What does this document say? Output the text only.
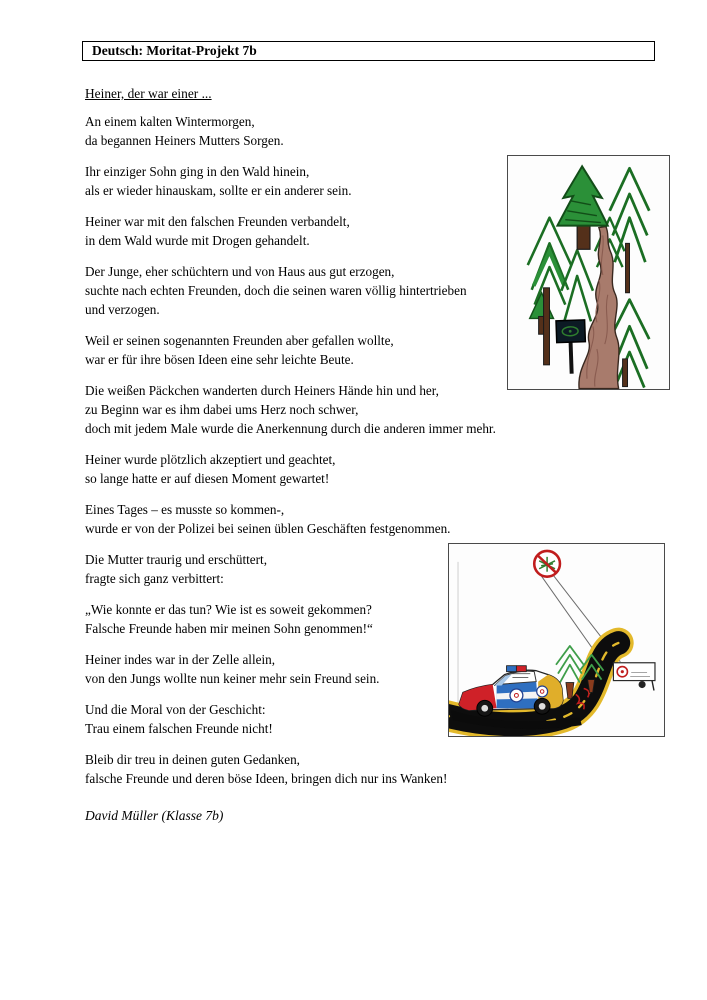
Deutsch: Moritat-Projekt 7b
Heiner, der war einer ...

An einem kalten Wintermorgen,
da begannen Heiners Mutters Sorgen.

Ihr einziger Sohn ging in den Wald hinein,
als er wieder hinauskam, sollte er ein anderer sein.

Heiner war mit den falschen Freunden verbandelt,
in dem Wald wurde mit Drogen gehandelt.

Der Junge, eher schüchtern und von Haus aus gut erzogen,
suchte nach echten Freunden, doch die seinen waren völlig hintertrieben
und verzogen.

Weil er seinen sogenannten Freunden aber gefallen wollte,
war er für ihre bösen Ideen eine sehr leichte Beute.

Die weißen Päckchen wanderten durch Heiners Hände hin und her,
zu Beginn war es ihm dabei ums Herz noch schwer,
doch mit jedem Male wurde die Anerkennung durch die anderen immer mehr.

Heiner wurde plötzlich akzeptiert und geachtet,
so lange hatte er auf diesen Moment gewartet!

Eines Tages – es musste so kommen-,
wurde er von der Polizei bei seinen üblen Geschäften festgenommen.

Die Mutter traurig und erschüttert,
fragte sich ganz verbittert:

„Wie konnte er das tun? Wie ist es soweit gekommen?
Falsche Freunde haben mir meinen Sohn genommen!“

Heiner indes war in der Zelle allein,
von den Jungs wollte nun keiner mehr sein Freund sein.

Und die Moral von der Geschicht:
Trau einem falschen Freunde nicht!

Bleib dir treu in deinen guten Gedanken,
falsche Freunde und deren böse Ideen, bringen dich nur ins Wanken!

David Müller (Klasse 7b)
